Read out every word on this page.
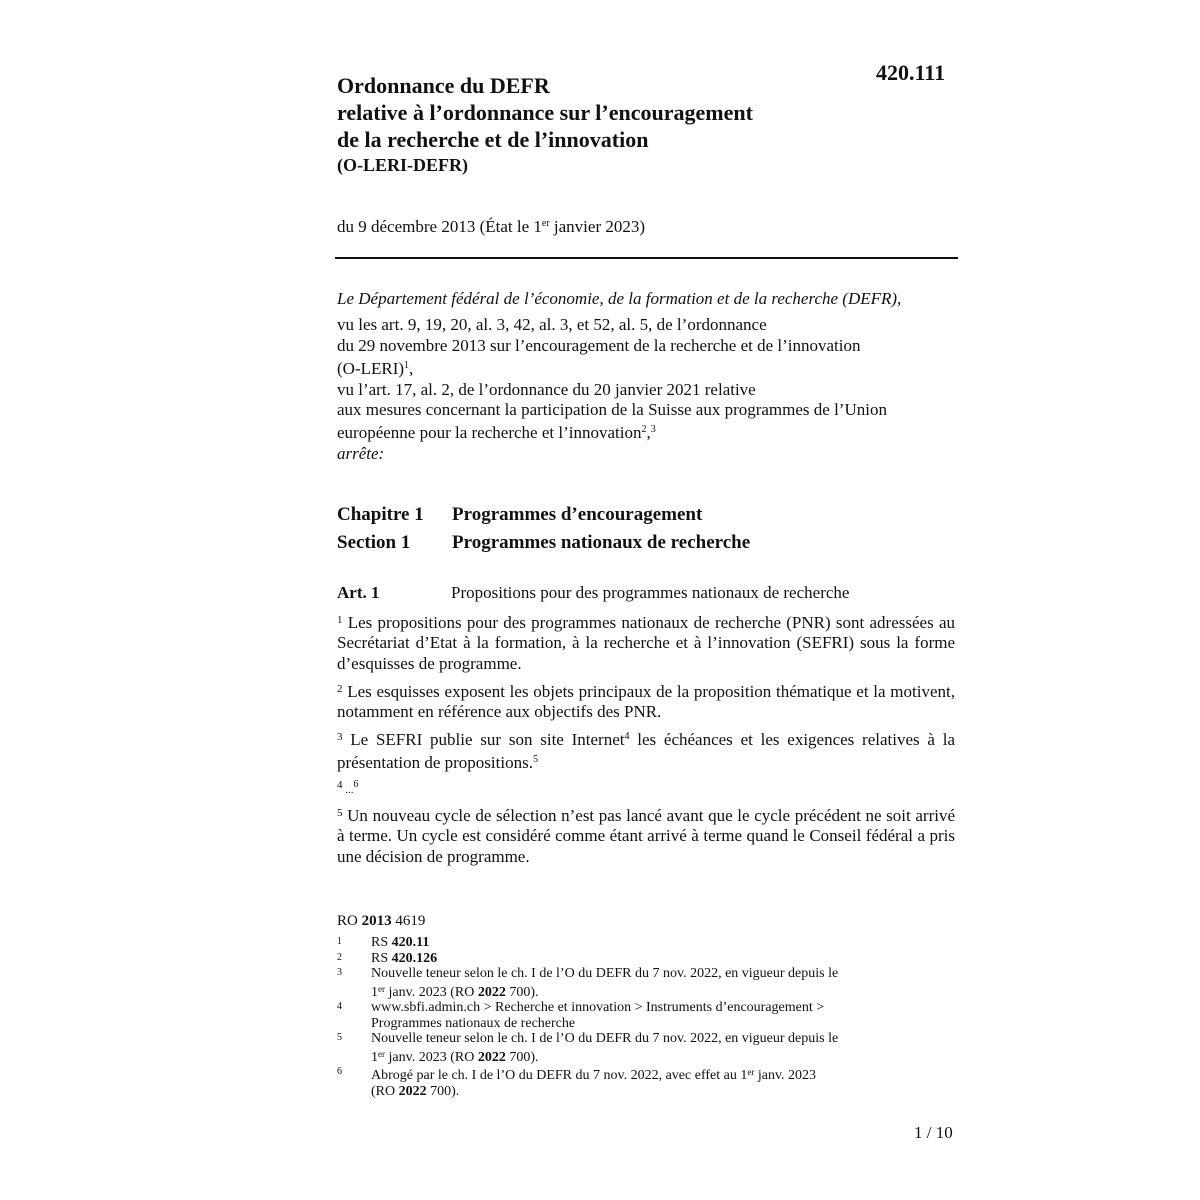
420.111
Ordonnance du DEFR
relative à l’ordonnance sur l’encouragement
de la recherche et de l’innovation
(O-LERI-DEFR)
du 9 décembre 2013 (État le 1er janvier 2023)
Le Département fédéral de l’économie, de la formation et de la recherche (DEFR),
vu les art. 9, 19, 20, al. 3, 42, al. 3, et 52, al. 5, de l’ordonnance
du 29 novembre 2013 sur l’encouragement de la recherche et de l’innovation
(O-LERI)$^1$,
vu l’art. 17, al. 2, de l’ordonnance du 20 janvier 2021 relative
aux mesures concernant la participation de la Suisse aux programmes de l’Union
européenne pour la recherche et l’innovation$^2$,$^3$
arrête:
Chapitre 1 Programmes d’encouragement
Section 1 Programmes nationaux de recherche
Art. 1	Propositions pour des programmes nationaux de recherche
$^1$ Les propositions pour des programmes nationaux de recherche (PNR) sont adressées au Secrétariat d’Etat à la formation, à la recherche et à l’innovation (SEFRI) sous la forme d’esquisses de programme.
$^2$ Les esquisses exposent les objets principaux de la proposition thématique et la motivent, notamment en référence aux objectifs des PNR.
$^3$ Le SEFRI publie sur son site Internet$^4$ les échéances et les exigences relatives à la présentation de propositions.$^5$
$^4$ ...$^6$
$^5$ Un nouveau cycle de sélection n’est pas lancé avant que le cycle précédent ne soit arrivé à terme. Un cycle est considéré comme étant arrivé à terme quand le Conseil fédéral a pris une décision de programme.
RO 2013 4619
1	RS 420.11
2	RS 420.126
3	Nouvelle teneur selon le ch. I de l’O du DEFR du 7 nov. 2022, en vigueur depuis le
1er janv. 2023 (RO 2022 700).
4	www.sbfi.admin.ch > Recherche et innovation > Instruments d’encouragement >
Programmes nationaux de recherche
5	Nouvelle teneur selon le ch. I de l’O du DEFR du 7 nov. 2022, en vigueur depuis le
1er janv. 2023 (RO 2022 700).
6	Abrogé par le ch. I de l’O du DEFR du 7 nov. 2022, avec effet au 1er janv. 2023
(RO 2022 700).
1 / 10
